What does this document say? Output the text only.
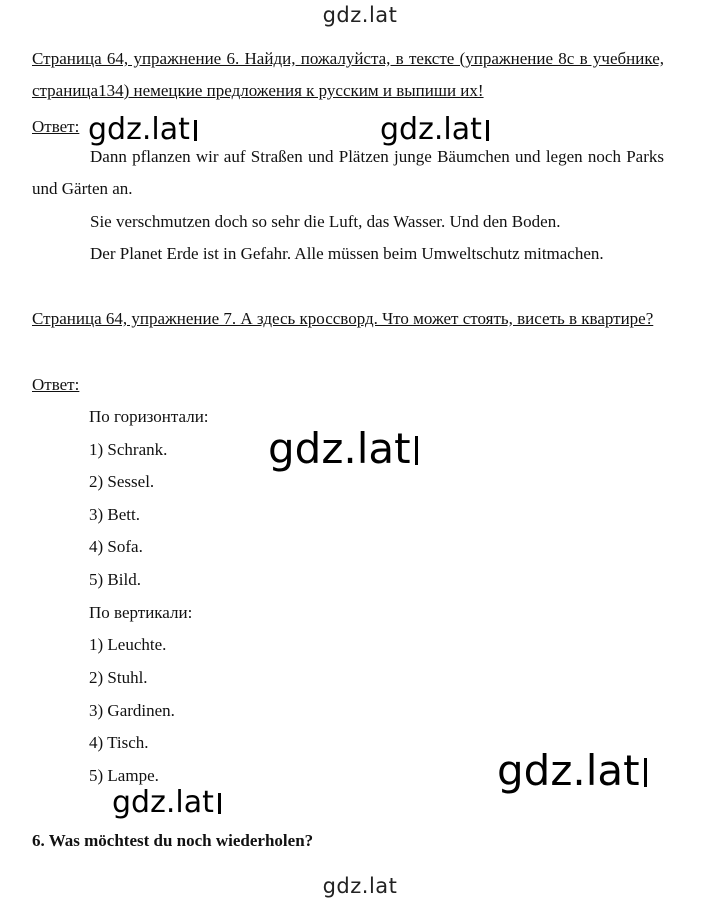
gdz.lat
Страница 64, упражнение 6. Найди, пожалуйста, в тексте (упражнение 8c в учебнике, страница134) немецкие предложения к русским и выпиши их!
Ответ:
Dann pflanzen wir auf Straßen und Plätzen junge Bäumchen und legen noch Parks und Gärten an.
Sie verschmutzen doch so sehr die Luft, das Wasser. Und den Boden.
Der Planet Erde ist in Gefahr. Alle müssen beim Umweltschutz mitmachen.
Страница 64, упражнение 7. А здесь кроссворд. Что может стоять, висеть в квартире?
Ответ:
По горизонтали:
1) Schrank.
2) Sessel.
3) Bett.
4) Sofa.
5) Bild.
По вертикали:
1) Leuchte.
2) Stuhl.
3) Gardinen.
4) Tisch.
5) Lampe.
6. Was möchtest du noch wiederholen?
gdz.lat	gdz.lat
gdz.lat
gdz.lat
gdz.lat
gdz.lat
